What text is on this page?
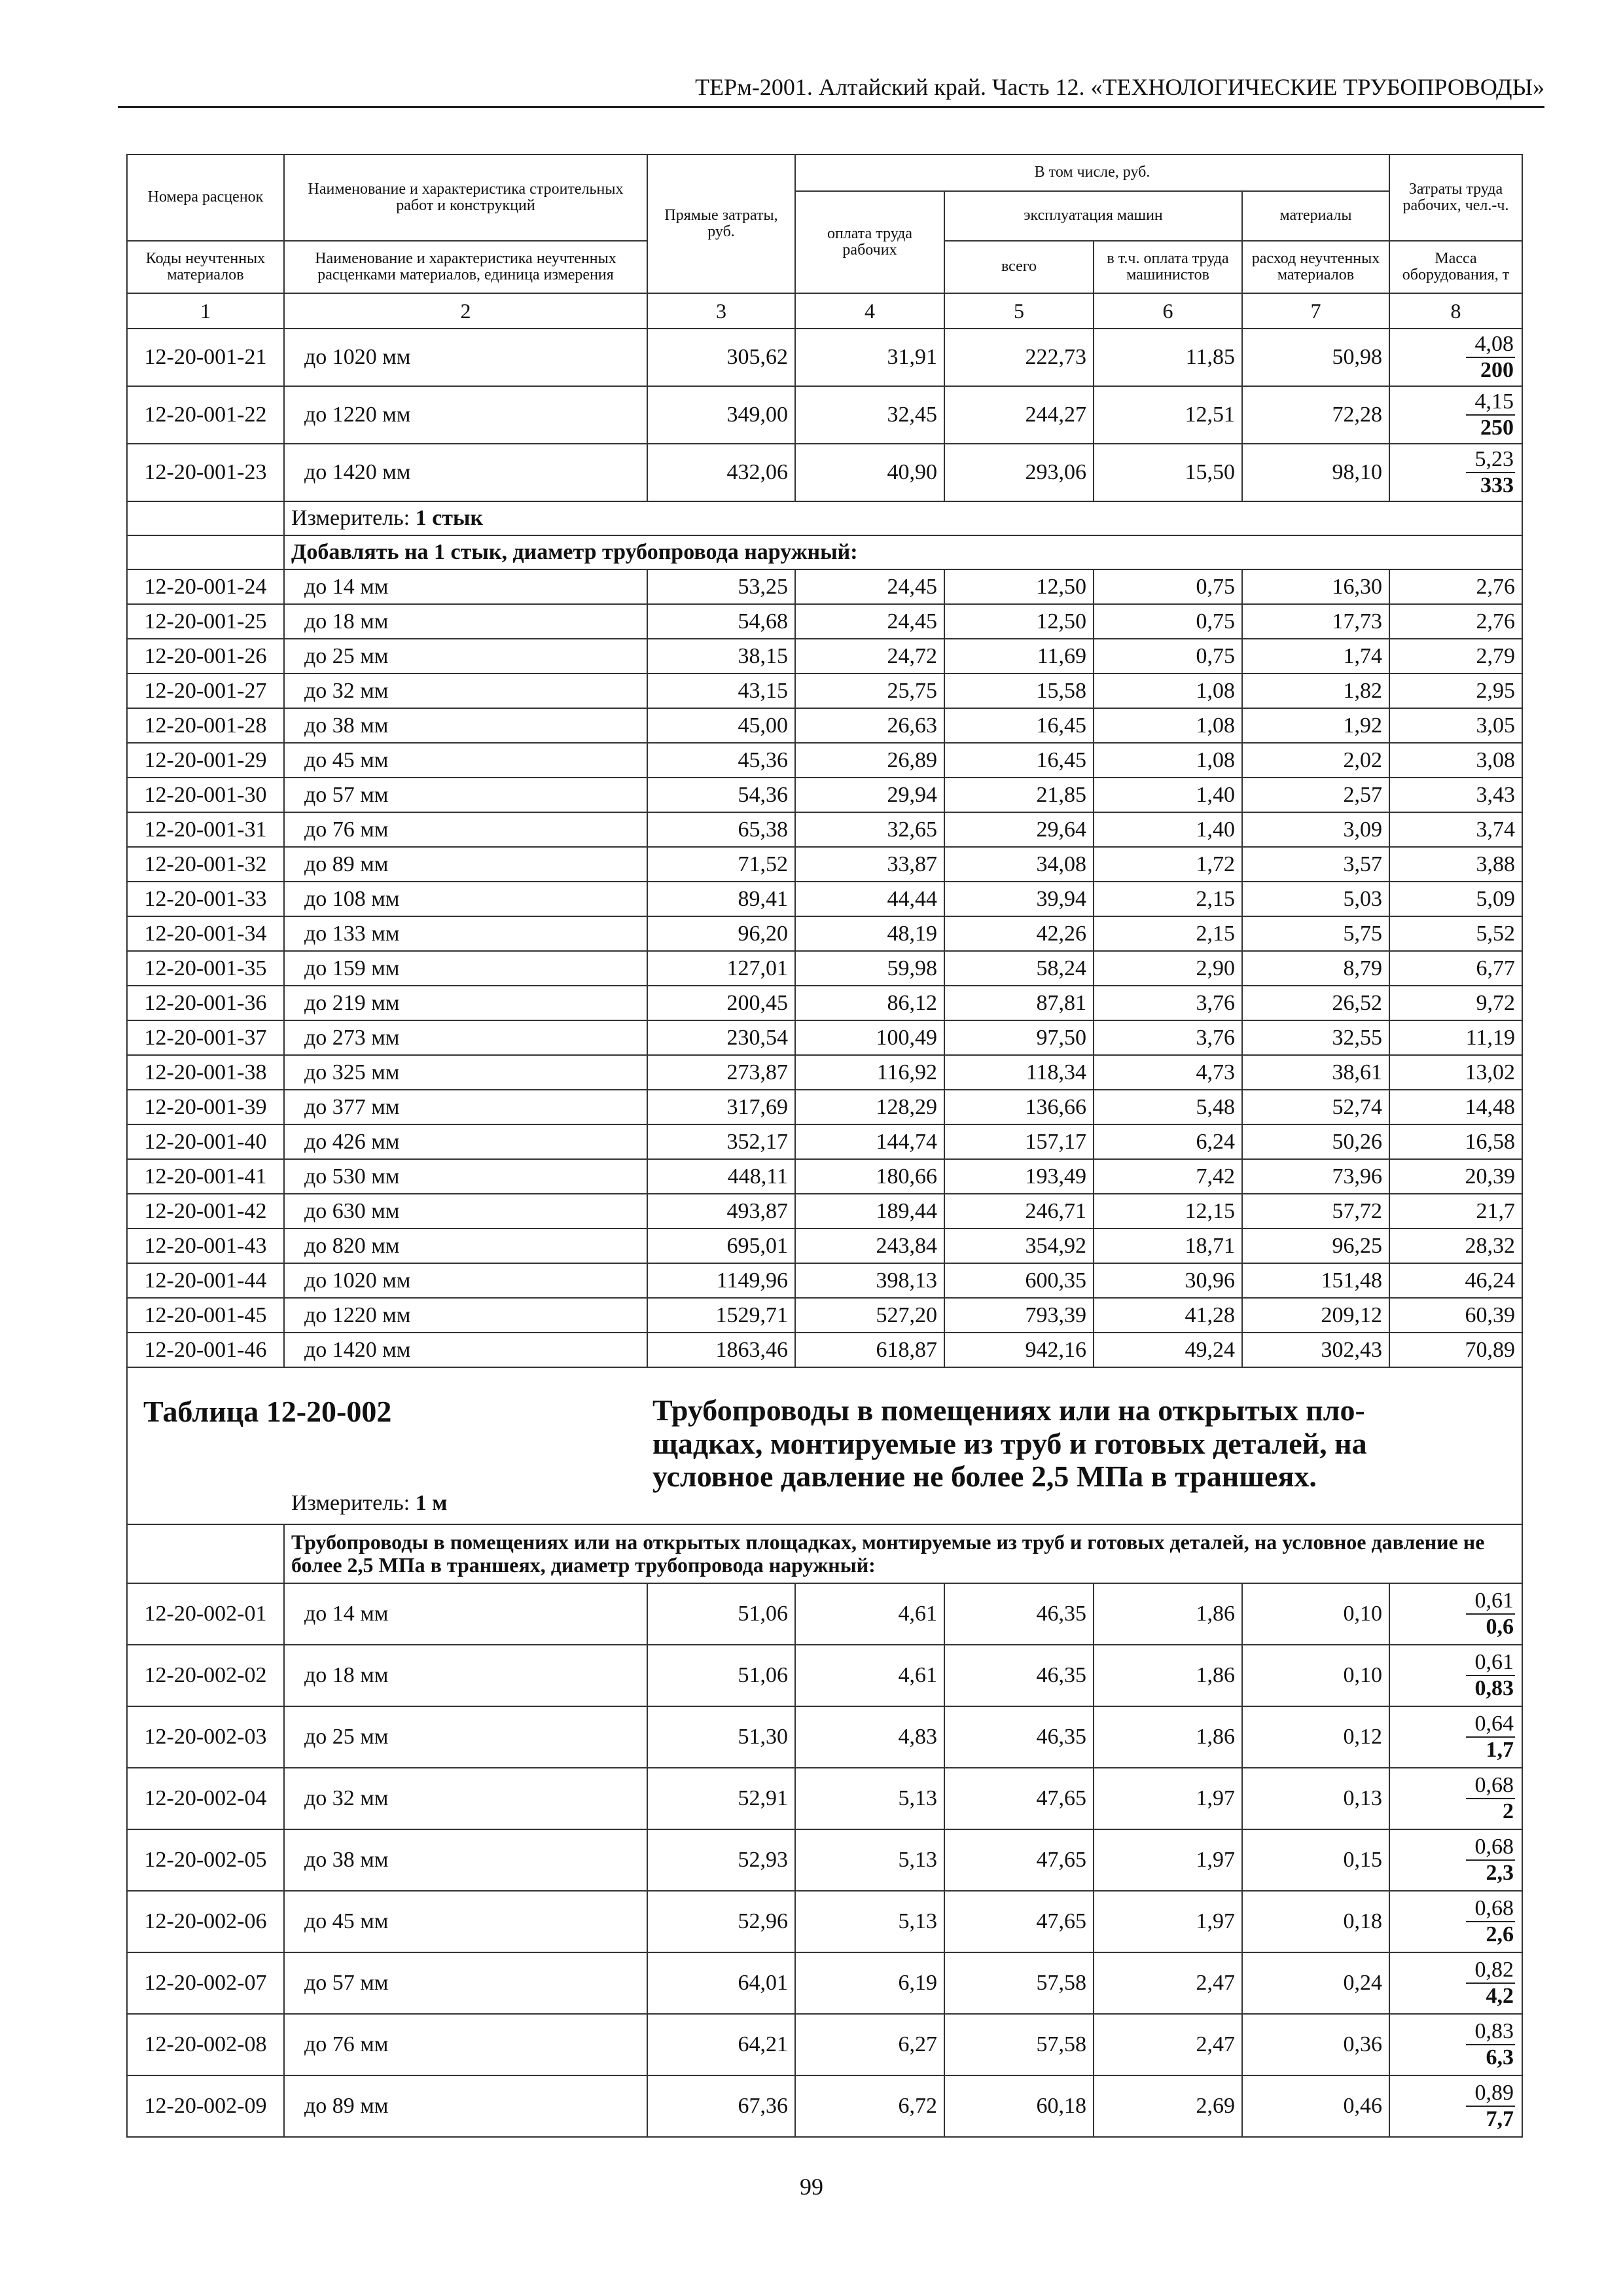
ТЕРм-2001. Алтайский край. Часть 12. «ТЕХНОЛОГИЧЕСКИЕ ТРУБОПРОВОДЫ»
Номера расценок	Наименование и характеристика строительных работ и конструкций	Прямые затраты, руб.	В том числе, руб.				Затраты труда рабочих, чел.-ч.
			оплата труда рабочих	эксплуатация машин		материалы	
Коды неучтенных материалов	Наименование и характеристика неучтенных расценками материалов, единица измерения			всего	в т.ч. оплата труда машинистов	расход неучтенных материалов	Масса оборудования, т
1	2	3	4	5	6	7	8
12-20-001-21	до 1020 мм	305,62	31,91	222,73	11,85	50,98	$\frac{4,08}{200}$

12-20-001-22	до 1220 мм	349,00	32,45	244,27	12,51	72,28	$\frac{4,15}{250}$

12-20-001-23	до 1420 мм	432,06	40,90	293,06	15,50	98,10	$\frac{5,23}{333}$

	Измеритель: 1 стык						
	Добавлять на 1 стык, диаметр трубопровода наружный:						
12-20-001-24	до 14 мм	53,25	24,45	12,50	0,75	16,30	2,76
12-20-001-25	до 18 мм	54,68	24,45	12,50	0,75	17,73	2,76
12-20-001-26	до 25 мм	38,15	24,72	11,69	0,75	1,74	2,79
12-20-001-27	до 32 мм	43,15	25,75	15,58	1,08	1,82	2,95
12-20-001-28	до 38 мм	45,00	26,63	16,45	1,08	1,92	3,05
12-20-001-29	до 45 мм	45,36	26,89	16,45	1,08	2,02	3,08
12-20-001-30	до 57 мм	54,36	29,94	21,85	1,40	2,57	3,43
12-20-001-31	до 76 мм	65,38	32,65	29,64	1,40	3,09	3,74
12-20-001-32	до 89 мм	71,52	33,87	34,08	1,72	3,57	3,88
12-20-001-33	до 108 мм	89,41	44,44	39,94	2,15	5,03	5,09
12-20-001-34	до 133 мм	96,20	48,19	42,26	2,15	5,75	5,52
12-20-001-35	до 159 мм	127,01	59,98	58,24	2,90	8,79	6,77
12-20-001-36	до 219 мм	200,45	86,12	87,81	3,76	26,52	9,72
12-20-001-37	до 273 мм	230,54	100,49	97,50	3,76	32,55	11,19
12-20-001-38	до 325 мм	273,87	116,92	118,34	4,73	38,61	13,02
12-20-001-39	до 377 мм	317,69	128,29	136,66	5,48	52,74	14,48
12-20-001-40	до 426 мм	352,17	144,74	157,17	6,24	50,26	16,58
12-20-001-41	до 530 мм	448,11	180,66	193,49	7,42	73,96	20,39
12-20-001-42	до 630 мм	493,87	189,44	246,71	12,15	57,72	21,7
12-20-001-43	до 820 мм	695,01	243,84	354,92	18,71	96,25	28,32
12-20-001-44	до 1020 мм	1149,96	398,13	600,35	30,96	151,48	46,24
12-20-001-45	до 1220 мм	1529,71	527,20	793,39	41,28	209,12	60,39
12-20-001-46	до 1420 мм	1863,46	618,87	942,16	49,24	302,43	70,89

Таблица 12-20-002 Трубопроводы в помещениях или на открытых пло-щадках, монтируемые из труб и готовых деталей, на условное давление не более 2,5 МПа в траншеях.
Измеритель: 1 м							

	Трубопроводы в помещениях или на открытых площадках, монтируемые из труб и готовых деталей, на условное давление не более 2,5 МПа в траншеях, диаметр трубопровода наружный:						
12-20-002-01	до 14 мм	51,06	4,61	46,35	1,86	0,10	$\frac{0,61}{0,6}$

12-20-002-02	до 18 мм	51,06	4,61	46,35	1,86	0,10	$\frac{0,61}{0,83}$

12-20-002-03	до 25 мм	51,30	4,83	46,35	1,86	0,12	$\frac{0,64}{1,7}$

12-20-002-04	до 32 мм	52,91	5,13	47,65	1,97	0,13	$\frac{0,68}{2}$

12-20-002-05	до 38 мм	52,93	5,13	47,65	1,97	0,15	$\frac{0,68}{2,3}$

12-20-002-06	до 45 мм	52,96	5,13	47,65	1,97	0,18	$\frac{0,68}{2,6}$

12-20-002-07	до 57 мм	64,01	6,19	57,58	2,47	0,24	$\frac{0,82}{4,2}$

12-20-002-08	до 76 мм	64,21	6,27	57,58	2,47	0,36	$\frac{0,83}{6,3}$

12-20-002-09	до 89 мм	67,36	6,72	60,18	2,69	0,46	$\frac{0,89}{7,7}$
99
